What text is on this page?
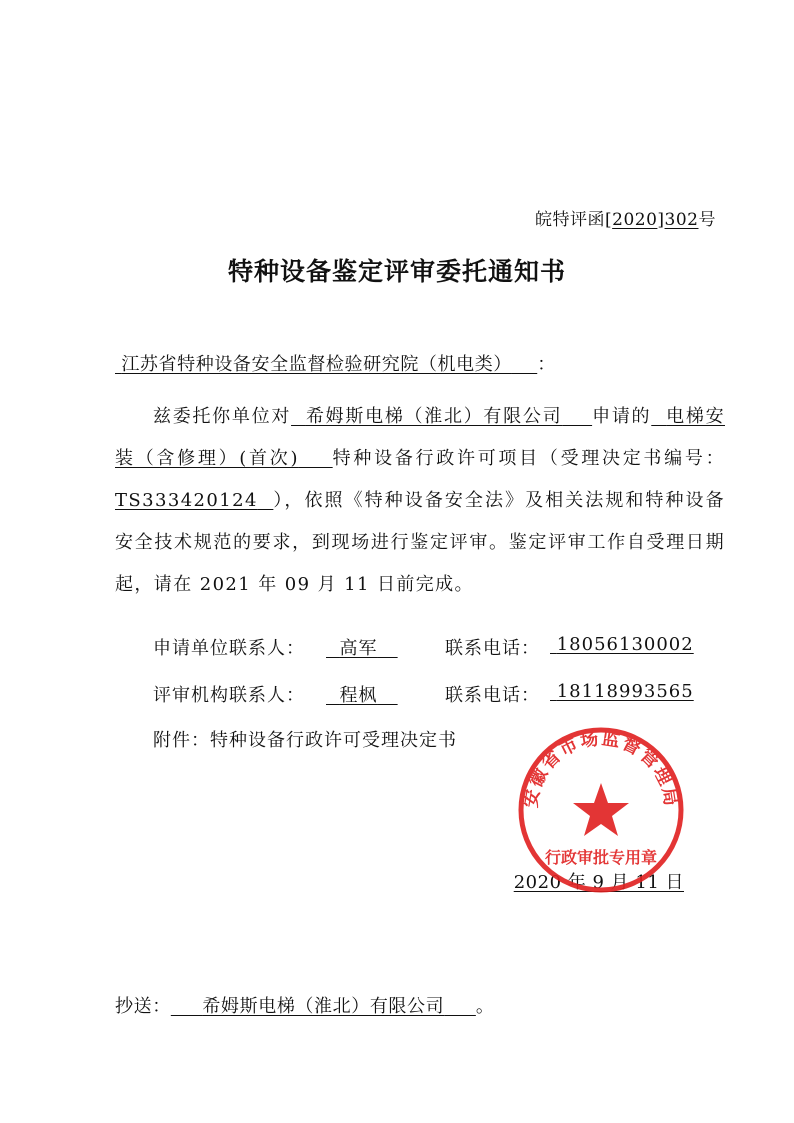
皖特评函[2020]302号
特种设备鉴定评审委托通知书
江苏省特种设备安全监督检验研究院（机电类） ：
兹委托你单位对 希姆斯电梯（淮北）有限公司 申请的 电梯安装（含修理）(首次) 特种设备行政许可项目（受理决定书编号：TS333420124 ），依照《特种设备安全法》及相关法规和特种设备安全技术规范的要求，到现场进行鉴定评审。鉴定评审工作自受理日期起，请在 2021 年 09 月 11 日前完成。
申请单位联系人：	高军	联系电话： 18056130002
评审机构联系人：	程枫	联系电话： 18118993565
附件：特种设备行政许可受理决定书
2020 年 9 月 11 日
安徽省市场监督管理局
行政审批专用章
抄送： 希姆斯电梯（淮北）有限公司 。
